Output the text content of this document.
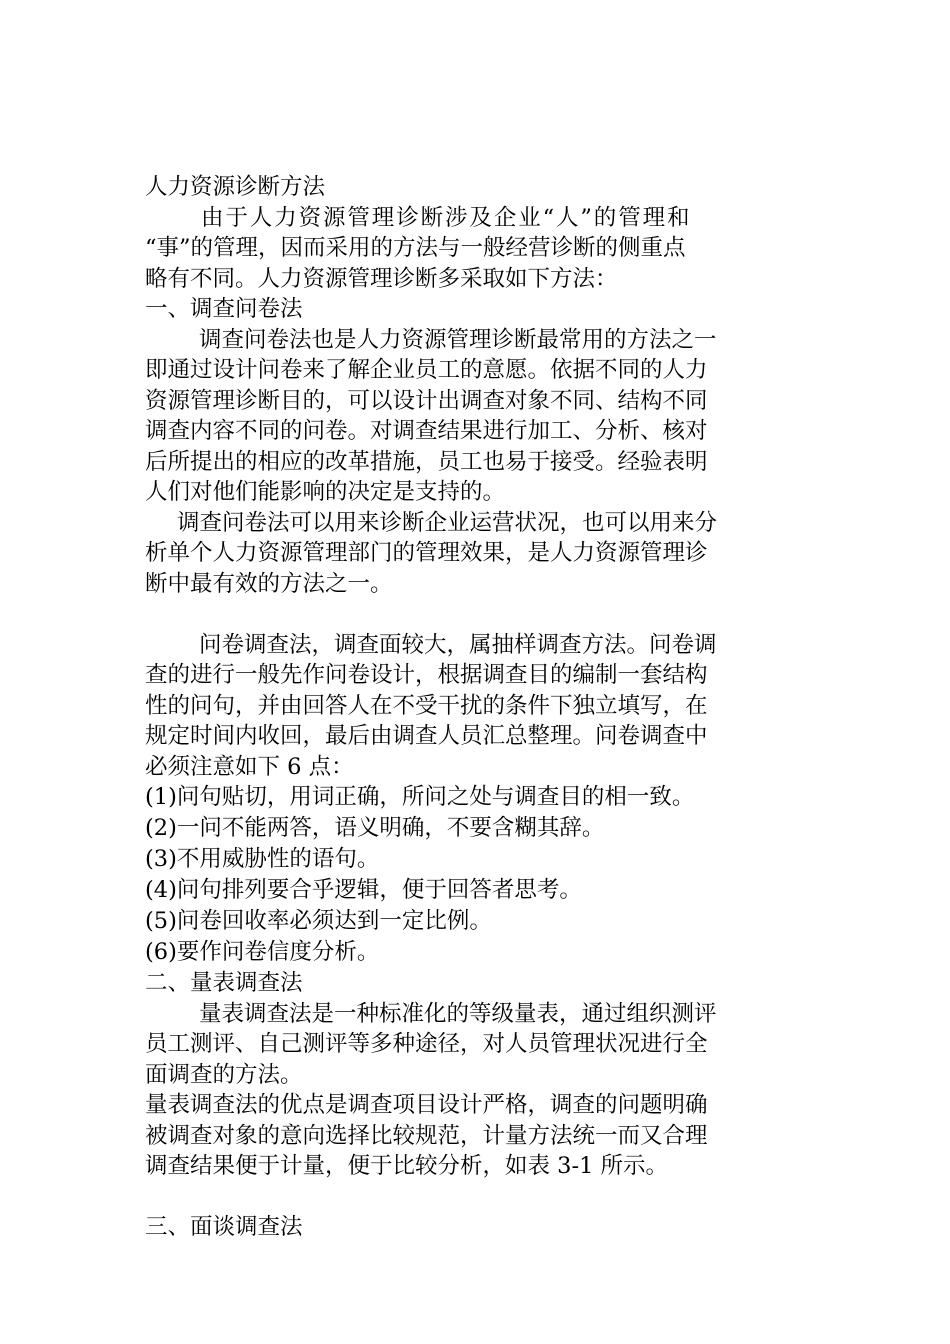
人力资源诊断方法
由于人力资源管理诊断涉及企业“人”的管理和
“事”的管理，因而采用的方法与一般经营诊断的侧重点
略有不同。人力资源管理诊断多采取如下方法：
一、调查问卷法
调查问卷法也是人力资源管理诊断最常用的方法之一
即通过设计问卷来了解企业员工的意愿。依据不同的人力
资源管理诊断目的，可以设计出调查对象不同、结构不同
调查内容不同的问卷。对调查结果进行加工、分析、核对
后所提出的相应的改革措施，员工也易于接受。经验表明
人们对他们能影响的决定是支持的。
调查问卷法可以用来诊断企业运营状况，也可以用来分
析单个人力资源管理部门的管理效果，是人力资源管理诊
断中最有效的方法之一。
问卷调查法，调查面较大，属抽样调查方法。问卷调
查的进行一般先作问卷设计，根据调查目的编制一套结构
性的问句，并由回答人在不受干扰的条件下独立填写，在
规定时间内收回，最后由调查人员汇总整理。问卷调查中
必须注意如下 6 点：
(1)问句贴切，用词正确，所问之处与调查目的相一致。
(2)一问不能两答，语义明确，不要含糊其辞。
(3)不用威胁性的语句。
(4)问句排列要合乎逻辑，便于回答者思考。
(5)问卷回收率必须达到一定比例。
(6)要作问卷信度分析。
二、量表调查法
量表调查法是一种标准化的等级量表，通过组织测评
员工测评、自己测评等多种途径，对人员管理状况进行全
面调查的方法。
量表调查法的优点是调查项目设计严格，调查的问题明确
被调查对象的意向选择比较规范，计量方法统一而又合理
调查结果便于计量，便于比较分析，如表 3-1 所示。
三、面谈调查法
